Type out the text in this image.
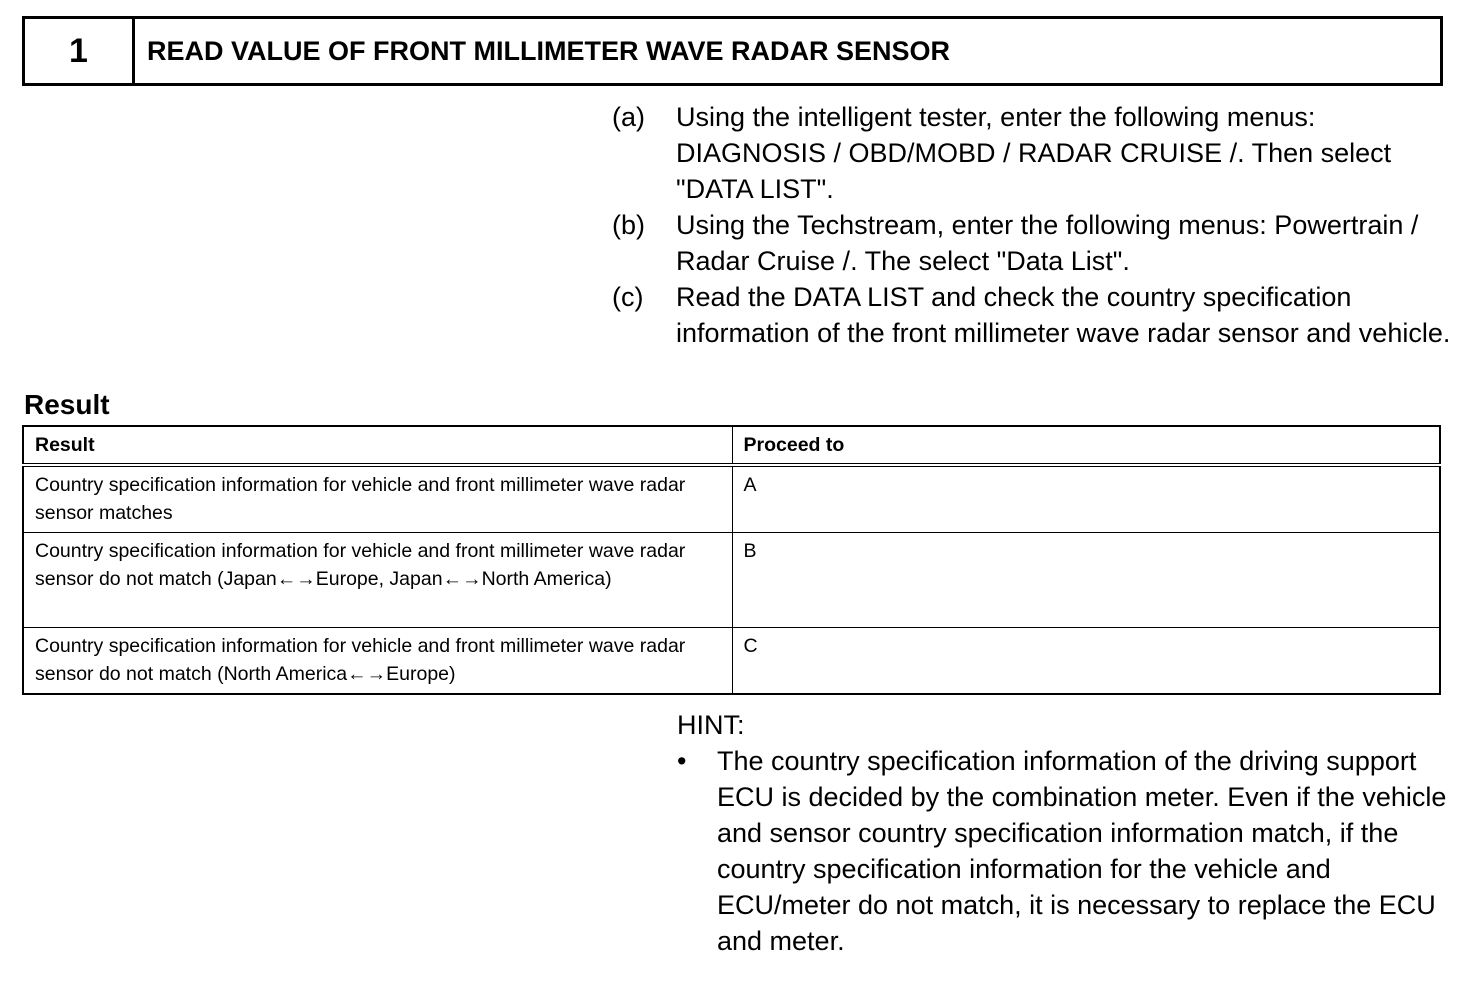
1	READ VALUE OF FRONT MILLIMETER WAVE RADAR SENSOR
(a)	Using the intelligent tester, enter the following menus: DIAGNOSIS / OBD/MOBD / RADAR CRUISE /. Then select "DATA LIST".
(b)	Using the Techstream, enter the following menus: Powertrain / Radar Cruise /. The select "Data List".
(c)	Read the DATA LIST and check the country specification information of the front millimeter wave radar sensor and vehicle.
Result
Result	Proceed to
Country specification information for vehicle and front millimeter wave radar sensor matches	A
Country specification information for vehicle and front millimeter wave radar sensor do not match (Japan←→Europe, Japan←→North America)	B
Country specification information for vehicle and front millimeter wave radar sensor do not match (North America←→Europe)	C
HINT:
•	The country specification information of the driving support ECU is decided by the combination meter. Even if the vehicle and sensor country specification information match, if the country specification information for the vehicle and ECU/meter do not match, it is necessary to replace the ECU and meter.
